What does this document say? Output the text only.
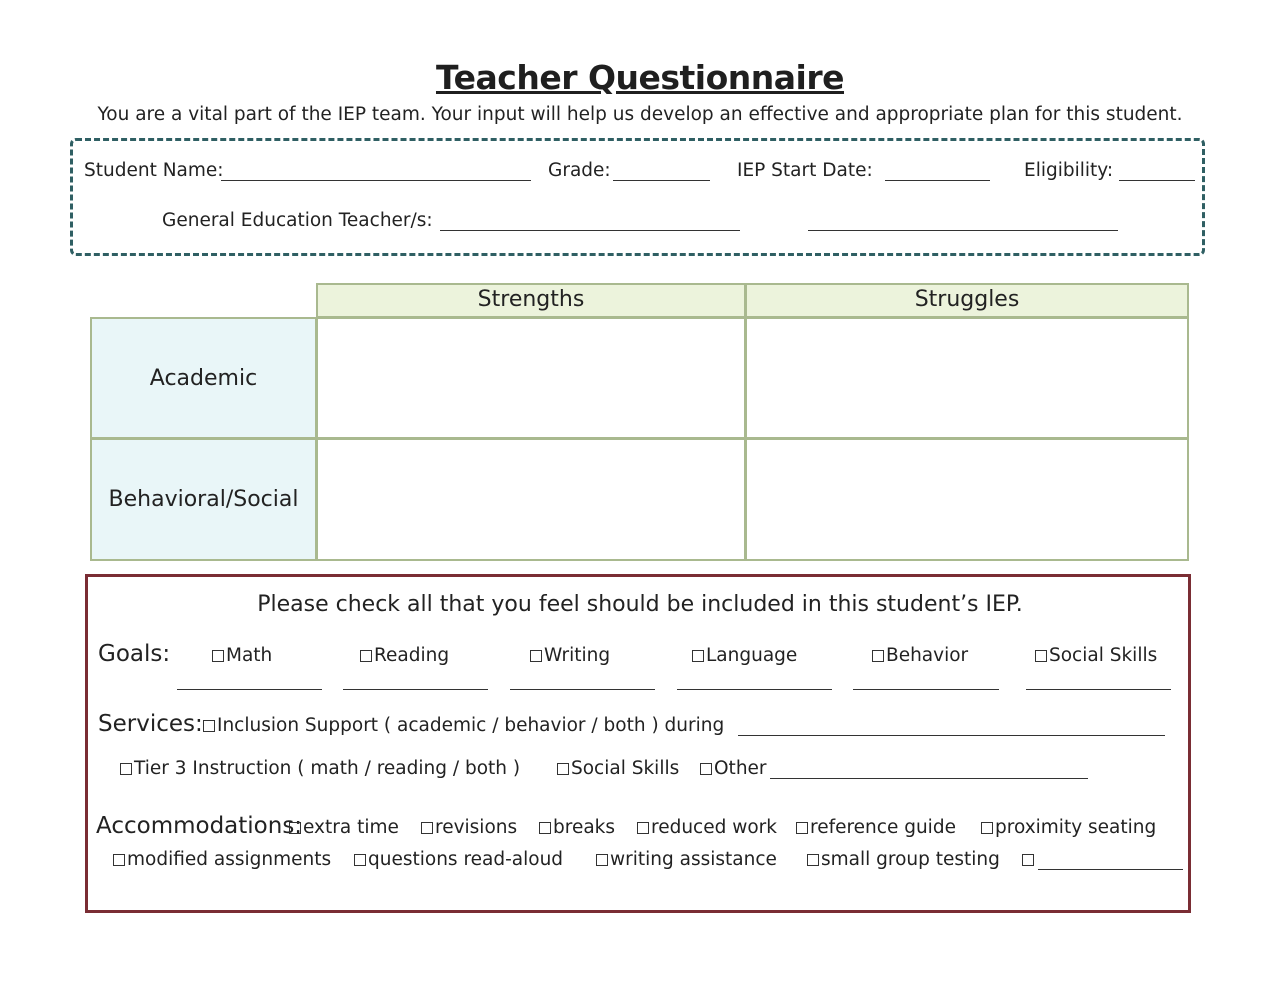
Teacher Questionnaire
You are a vital part of the IEP team. Your input will help us develop an effective and appropriate plan for this student.
Student Name:	Grade:	IEP Start Date:	Eligibility:
General Education Teacher/s:
Strengths	Struggles
Academic
Behavioral/Social
Please check all that you feel should be included in this student’s IEP.
Goals:	Math	Reading	Writing	Language	Behavior	Social Skills
Services: Inclusion Support ( academic / behavior / both ) during
Tier 3 Instruction ( math / reading / both )	Social Skills	Other
Accommodations: extra time	revisions	breaks	reduced work	reference guide	proximity seating
modified assignments	questions read-aloud	writing assistance	small group testing
